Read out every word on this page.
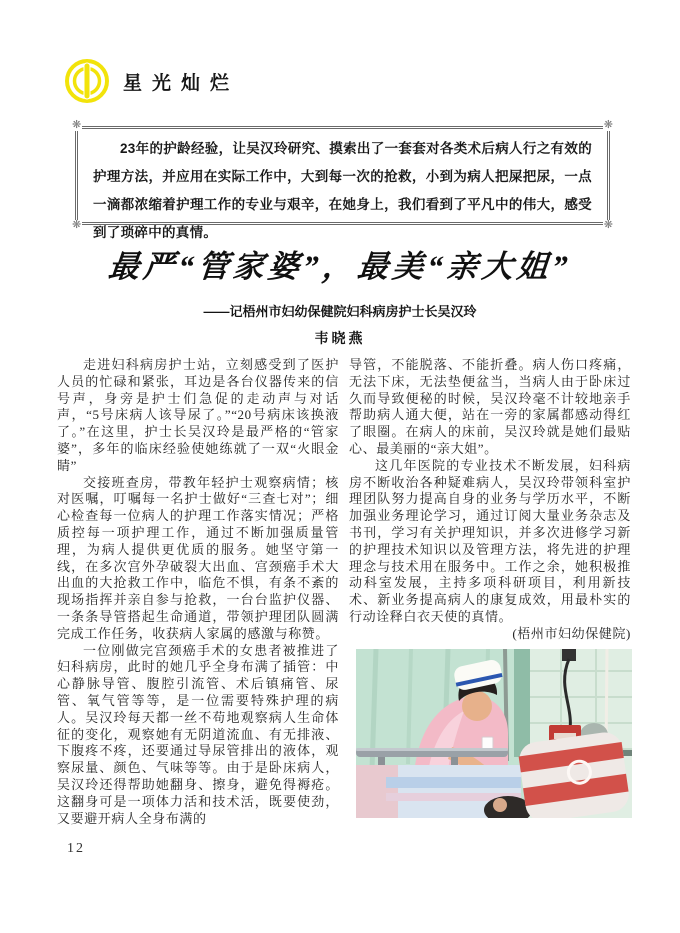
星光灿烂
❋	❋
❋	❋

23年的护龄经验，让吴汉玲研究、摸索出了一套套对各类术后病人行之有效的护理方法，并应用在实际工作中，大到每一次的抢救，小到为病人把屎把尿，一点一滴都浓缩着护理工作的专业与艰辛，在她身上，我们看到了平凡中的伟大，感受到了琐碎中的真情。

最严“管家婆”，最美“亲大姐”
——记梧州市妇幼保健院妇科病房护士长吴汉玲
韦晓燕

走进妇科病房护士站，立刻感受到了医护人员的忙碌和紧张，耳边是各台仪器传来的信号声，身旁是护士们急促的走动声与对话声，“5号床病人该导尿了。”“20号病床该换液了。”在这里，护士长吴汉玲是最严格的“管家婆”，多年的临床经验使她练就了一双“火眼金睛”

交接班查房，带教年轻护士观察病情；核对医嘱，叮嘱每一名护士做好“三查七对”；细心检查每一位病人的护理工作落实情况；严格质控每一项护理工作，通过不断加强质量管理，为病人提供更优质的服务。她坚守第一线，在多次宫外孕破裂大出血、宫颈癌手术大出血的大抢救工作中，临危不惧，有条不紊的现场指挥并亲自参与抢救，一台台监护仪器、一条条导管搭起生命通道，带领护理团队圆满完成工作任务，收获病人家属的感激与称赞。

一位刚做完宫颈癌手术的女患者被推进了妇科病房，此时的她几乎全身布满了插管：中心静脉导管、腹腔引流管、术后镇痛管、尿管、氧气管等等，是一位需要特殊护理的病人。吴汉玲每天都一丝不苟地观察病人生命体征的变化，观察她有无阴道流血、有无排液、下腹疼不疼，还要通过导尿管排出的液体，观察尿量、颜色、气味等等。由于是卧床病人，吴汉玲还得帮助她翻身、擦身，避免得褥疮。这翻身可是一项体力活和技术活，既要使劲，又要避开病人全身布满的

导管，不能脱落、不能折叠。病人伤口疼痛，无法下床，无法垫便盆当，当病人由于卧床过久而导致便秘的时候，吴汉玲毫不计较地亲手帮助病人通大便，站在一旁的家属都感动得红了眼圈。在病人的床前，吴汉玲就是她们最贴心、最美丽的“亲大姐”。

这几年医院的专业技术不断发展，妇科病房不断收治各种疑难病人，吴汉玲带领科室护理团队努力提高自身的业务与学历水平，不断加强业务理论学习，通过订阅大量业务杂志及书刊，学习有关护理知识，并多次进修学习新的护理技术知识以及管理方法，将先进的护理理念与技术用在服务中。工作之余，她积极推动科室发展，主持多项科研项目，利用新技术、新业务提高病人的康复成效，用最朴实的行动诠释白衣天使的真情。

(梧州市妇幼保健院)

12
